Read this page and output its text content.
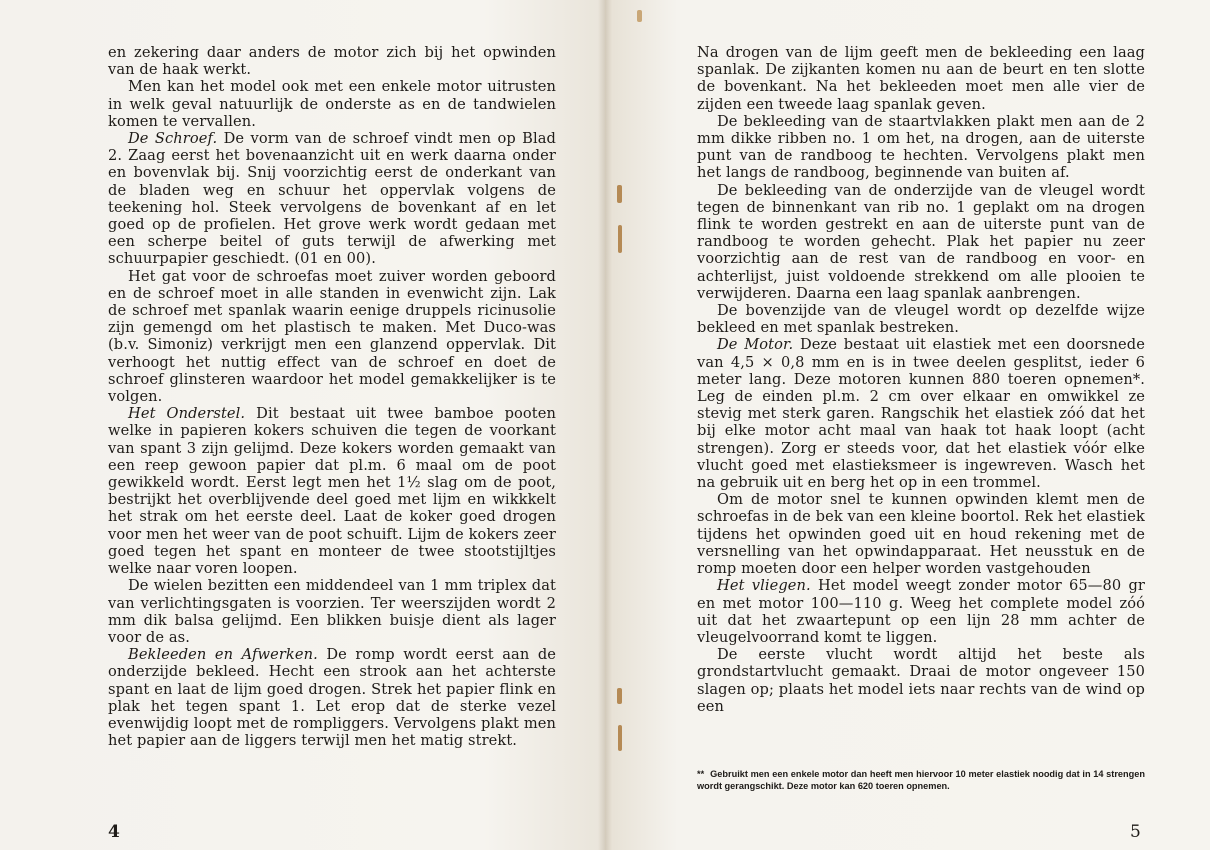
en zekering daar anders de motor zich bij het opwinden van de haak werkt.

Men kan het model ook met een enkele motor uitrusten in welk geval natuurlijk de onderste as en de tandwielen komen te vervallen.

De Schroef. De vorm van de schroef vindt men op Blad 2. Zaag eerst het bovenaanzicht uit en werk daarna onder en bovenvlak bij. Snij voorzichtig eerst de onderkant van de bladen weg en schuur het oppervlak volgens de teekening hol. Steek vervolgens de bovenkant af en let goed op de profielen. Het grove werk wordt gedaan met een scherpe beitel of guts terwijl de afwerking met schuurpapier geschiedt. (01 en 00).

Het gat voor de schroefas moet zuiver worden geboord en de schroef moet in alle standen in evenwicht zijn. Lak de schroef met spanlak waarin eenige druppels ricinusolie zijn gemengd om het plastisch te maken. Met Duco-was (b.v. Simoniz) verkrijgt men een glanzend oppervlak. Dit verhoogt het nuttig effect van de schroef en doet de schroef glinsteren waardoor het model gemakkelijker is te volgen.

Het Onderstel. Dit bestaat uit twee bamboe pooten welke in papieren kokers schuiven die tegen de voorkant van spant 3 zijn gelijmd. Deze kokers worden gemaakt van een reep gewoon papier dat pl.m. 6 maal om de poot gewikkeld wordt. Eerst legt men het 1½ slag om de poot, bestrijkt het overblijvende deel goed met lijm en wikkkelt het strak om het eerste deel. Laat de koker goed drogen voor men het weer van de poot schuift. Lijm de kokers zeer goed tegen het spant en monteer de twee stootstijltjes welke naar voren loopen.

De wielen bezitten een middendeel van 1 mm triplex dat van verlichtingsgaten is voorzien. Ter weerszijden wordt 2 mm dik balsa gelijmd. Een blikken buisje dient als lager voor de as.

Bekleeden en Afwerken. De romp wordt eerst aan de onderzijde bekleed. Hecht een strook aan het achterste spant en laat de lijm goed drogen. Strek het papier flink en plak het tegen spant 1. Let erop dat de sterke vezel evenwijdig loopt met de rompliggers. Vervolgens plakt men het papier aan de liggers terwijl men het matig strekt.

Na drogen van de lijm geeft men de bekleeding een laag spanlak. De zijkanten komen nu aan de beurt en ten slotte de bovenkant. Na het bekleeden moet men alle vier de zijden een tweede laag spanlak geven.

De bekleeding van de staartvlakken plakt men aan de 2 mm dikke ribben no. 1 om het, na drogen, aan de uiterste punt van de randboog te hechten. Vervolgens plakt men het langs de randboog, beginnende van buiten af.

De bekleeding van de onderzijde van de vleugel wordt tegen de binnenkant van rib no. 1 geplakt om na drogen flink te worden gestrekt en aan de uiterste punt van de randboog te worden gehecht. Plak het papier nu zeer voorzichtig aan de rest van de randboog en voor- en achterlijst, juist voldoende strekkend om alle plooien te verwijderen. Daarna een laag spanlak aanbrengen.

De bovenzijde van de vleugel wordt op dezelfde wijze bekleed en met spanlak bestreken.

De Motor. Deze bestaat uit elastiek met een doorsnede van 4,5 × 0,8 mm en is in twee deelen gesplitst, ieder 6 meter lang. Deze motoren kunnen 880 toeren opnemen*. Leg de einden pl.m. 2 cm over elkaar en omwikkel ze stevig met sterk garen. Rangschik het elastiek zóó dat het bij elke motor acht maal van haak tot haak loopt (acht strengen). Zorg er steeds voor, dat het elastiek vóór elke vlucht goed met elastieksmeer is ingewreven. Wasch het na gebruik uit en berg het op in een trommel.

Om de motor snel te kunnen opwinden klemt men de schroefas in de bek van een kleine boortol. Rek het elastiek tijdens het opwinden goed uit en houd rekening met de versnelling van het opwindapparaat. Het neusstuk en de romp moeten door een helper worden vastgehouden

Het vliegen. Het model weegt zonder motor 65—80 gr en met motor 100—110 g. Weeg het complete model zóó uit dat het zwaartepunt op een lijn 28 mm achter de vleugelvoorrand komt te liggen.

De eerste vlucht wordt altijd het beste als grondstartvlucht gemaakt. Draai de motor ongeveer 150 slagen op; plaats het model iets naar rechts van de wind op een

** Gebruikt men een enkele motor dan heeft men hiervoor 10 meter elastiek noodig dat in 14 strengen wordt gerangschikt. Deze motor kan 620 toeren opnemen.
4	5
